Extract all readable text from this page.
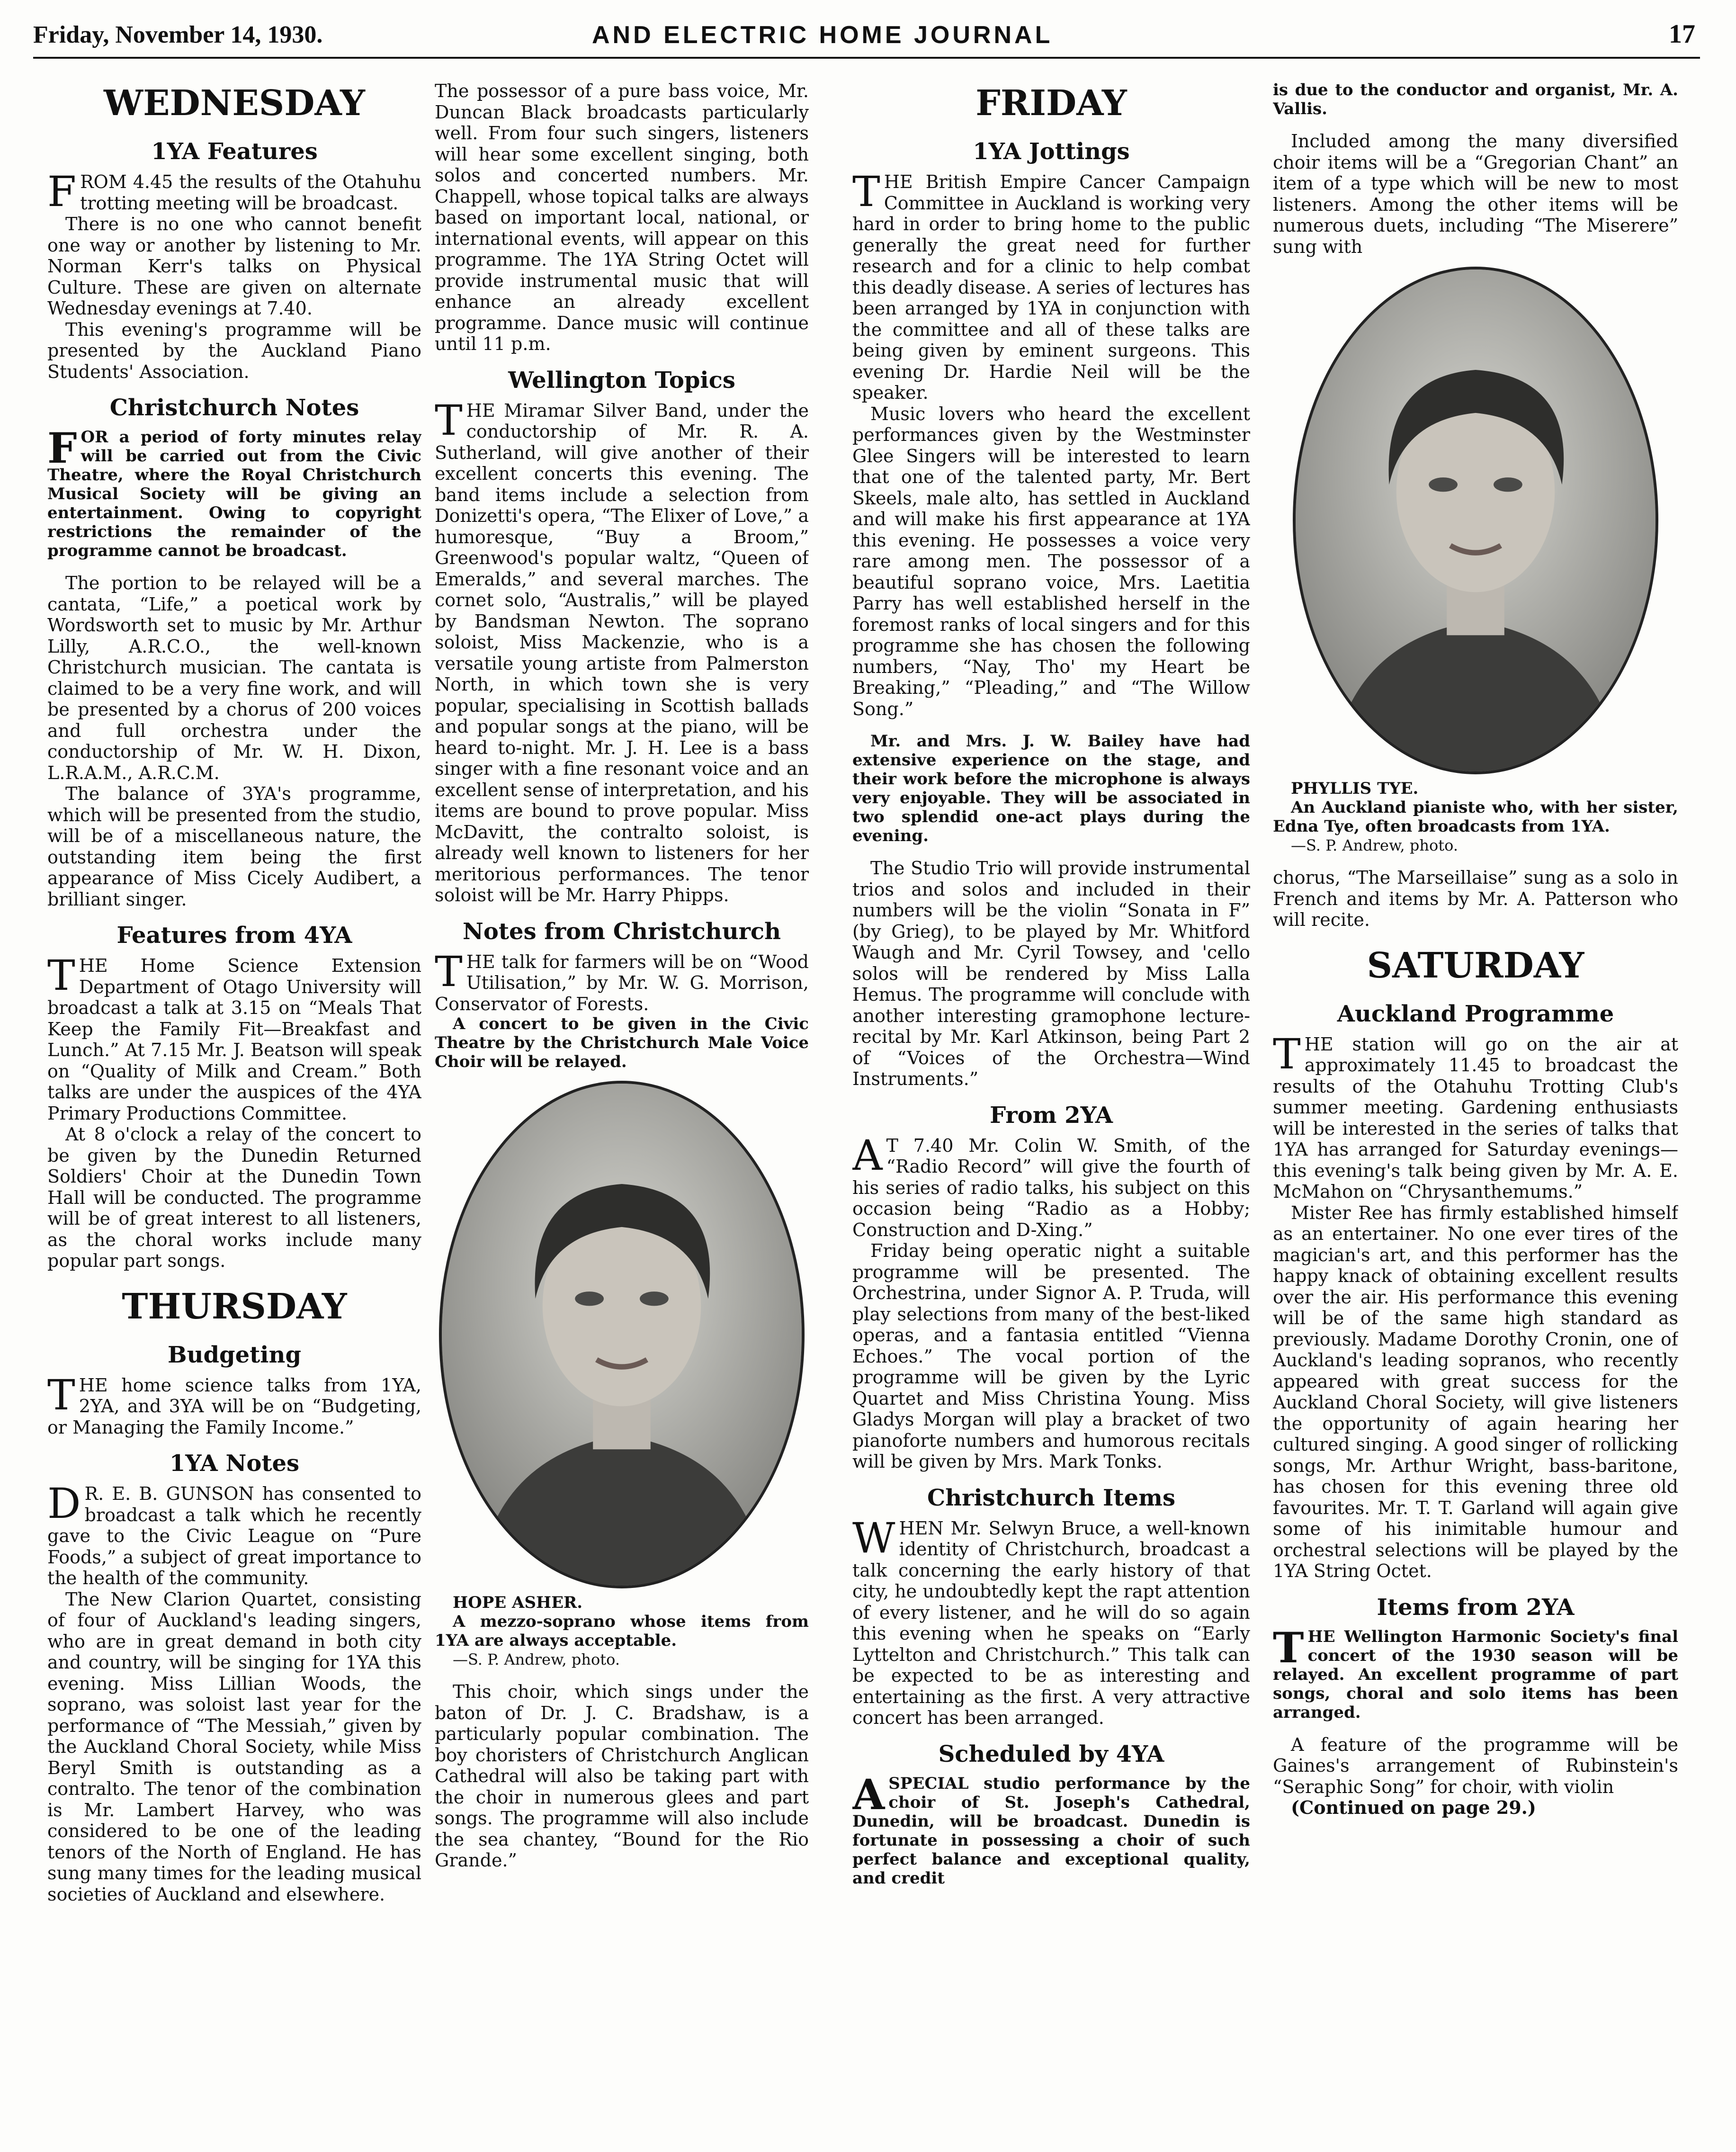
Friday, November 14, 1930.	AND ELECTRIC HOME JOURNAL	17
WEDNESDAY
1YA Features

FROM 4.45 the results of the Otahuhu trotting meeting will be broadcast.

There is no one who cannot benefit one way or another by listening to Mr. Norman Kerr's talks on Physical Culture. These are given on alternate Wednesday evenings at 7.40.

This evening's programme will be presented by the Auckland Piano Students' Association.

Christchurch Notes

FOR a period of forty minutes relay will be carried out from the Civic Theatre, where the Royal Christchurch Musical Society will be giving an entertainment. Owing to copyright restrictions the remainder of the programme cannot be broadcast.

The portion to be relayed will be a cantata, “Life,” a poetical work by Wordsworth set to music by Mr. Arthur Lilly, A.R.C.O., the well-known Christchurch musician. The cantata is claimed to be a very fine work, and will be presented by a chorus of 200 voices and full orchestra under the conductorship of Mr. W. H. Dixon, L.R.A.M., A.R.C.M.

The balance of 3YA's programme, which will be presented from the studio, will be of a miscellaneous nature, the outstanding item being the first appearance of Miss Cicely Audibert, a brilliant singer.

Features from 4YA

THE Home Science Extension Department of Otago University will broadcast a talk at 3.15 on “Meals That Keep the Family Fit—Breakfast and Lunch.” At 7.15 Mr. J. Beatson will speak on “Quality of Milk and Cream.” Both talks are under the auspices of the 4YA Primary Productions Committee.

At 8 o'clock a relay of the concert to be given by the Dunedin Returned Soldiers' Choir at the Dunedin Town Hall will be conducted. The programme will be of great interest to all listeners, as the choral works include many popular part songs.

THURSDAY
Budgeting

THE home science talks from 1YA, 2YA, and 3YA will be on “Budgeting, or Managing the Family Income.”

1YA Notes

D R. E. B. GUNSON has consented to broadcast a talk which he recently gave to the Civic League on “Pure Foods,” a subject of great importance to the health of the community.

The New Clarion Quartet, consisting of four of Auckland's leading singers, who are in great demand in both city and country, will be singing for 1YA this evening. Miss Lillian Woods, the soprano, was soloist last year for the performance of “The Messiah,” given by the Auckland Choral Society, while Miss Beryl Smith is outstanding as a contralto. The tenor of the combination is Mr. Lambert Harvey, who was considered to be one of the leading tenors of the North of England. He has sung many times for the leading musical societies of Auckland and elsewhere.

The possessor of a pure bass voice, Mr. Duncan Black broadcasts particularly well. From four such singers, listeners will hear some excellent singing, both solos and concerted numbers. Mr. Chappell, whose topical talks are always based on important local, national, or international events, will appear on this programme. The 1YA String Octet will provide instrumental music that will enhance an already excellent programme. Dance music will continue until 11 p.m.

Wellington Topics

THE Miramar Silver Band, under the conductorship of Mr. R. A. Sutherland, will give another of their excellent concerts this evening. The band items include a selection from Donizetti's opera, “The Elixer of Love,” a humoresque, “Buy a Broom,” Greenwood's popular waltz, “Queen of Emeralds,” and several marches. The cornet solo, “Australis,” will be played by Bandsman Newton. The soprano soloist, Miss Mackenzie, who is a versatile young artiste from Palmerston North, in which town she is very popular, specialising in Scottish ballads and popular songs at the piano, will be heard to-night. Mr. J. H. Lee is a bass singer with a fine resonant voice and an excellent sense of interpretation, and his items are bound to prove popular. Miss McDavitt, the contralto soloist, is already well known to listeners for her meritorious performances. The tenor soloist will be Mr. Harry Phipps.

Notes from Christchurch

THE talk for farmers will be on “Wood Utilisation,” by Mr. W. G. Morrison, Conservator of Forests.

A concert to be given in the Civic Theatre by the Christchurch Male Voice Choir will be relayed.

HOPE ASHER.

A mezzo-soprano whose items from 1YA are always acceptable.

—S. P. Andrew, photo.

This choir, which sings under the baton of Dr. J. C. Bradshaw, is a particularly popular combination. The boy choristers of Christchurch Anglican Cathedral will also be taking part with the choir in numerous glees and part songs. The programme will also include the sea chantey, “Bound for the Rio Grande.”

FRIDAY
1YA Jottings

THE British Empire Cancer Campaign Committee in Auckland is working very hard in order to bring home to the public generally the great need for further research and for a clinic to help combat this deadly disease. A series of lectures has been arranged by 1YA in conjunction with the committee and all of these talks are being given by eminent surgeons. This evening Dr. Hardie Neil will be the speaker.

Music lovers who heard the excellent performances given by the Westminster Glee Singers will be interested to learn that one of the talented party, Mr. Bert Skeels, male alto, has settled in Auckland and will make his first appearance at 1YA this evening. He possesses a voice very rare among men. The possessor of a beautiful soprano voice, Mrs. Laetitia Parry has well established herself in the foremost ranks of local singers and for this programme she has chosen the following numbers, “Nay, Tho' my Heart be Breaking,” “Pleading,” and “The Willow Song.”

Mr. and Mrs. J. W. Bailey have had extensive experience on the stage, and their work before the microphone is always very enjoyable. They will be associated in two splendid one-act plays during the evening.

The Studio Trio will provide instrumental trios and solos and included in their numbers will be the violin “Sonata in F” (by Grieg), to be played by Mr. Whitford Waugh and Mr. Cyril Towsey, and 'cello solos will be rendered by Miss Lalla Hemus. The programme will conclude with another interesting gramophone lecture-recital by Mr. Karl Atkinson, being Part 2 of “Voices of the Orchestra—Wind Instruments.”

From 2YA

A T 7.40 Mr. Colin W. Smith, of the “Radio Record” will give the fourth of his series of radio talks, his subject on this occasion being “Radio as a Hobby; Construction and D-Xing.”

Friday being operatic night a suitable programme will be presented. The Orchestrina, under Signor A. P. Truda, will play selections from many of the best-liked operas, and a fantasia entitled “Vienna Echoes.” The vocal portion of the programme will be given by the Lyric Quartet and Miss Christina Young. Miss Gladys Morgan will play a bracket of two pianoforte numbers and humorous recitals will be given by Mrs. Mark Tonks.

Christchurch Items

WHEN Mr. Selwyn Bruce, a well-known identity of Christchurch, broadcast a talk concerning the early history of that city, he undoubtedly kept the rapt attention of every listener, and he will do so again this evening when he speaks on “Early Lyttelton and Christchurch.” This talk can be expected to be as interesting and entertaining as the first. A very attractive concert has been arranged.

Scheduled by 4YA

A SPECIAL studio performance by the choir of St. Joseph's Cathedral, Dunedin, will be broadcast. Dunedin is fortunate in possessing a choir of such perfect balance and exceptional quality, and credit

is due to the conductor and organist, Mr. A. Vallis.

Included among the many diversified choir items will be a “Gregorian Chant” an item of a type which will be new to most listeners. Among the other items will be numerous duets, including “The Miserere” sung with

PHYLLIS TYE.

An Auckland pianiste who, with her sister, Edna Tye, often broadcasts from 1YA.

—S. P. Andrew, photo.

chorus, “The Marseillaise” sung as a solo in French and items by Mr. A. Patterson who will recite.

SATURDAY
Auckland Programme

THE station will go on the air at approximately 11.45 to broadcast the results of the Otahuhu Trotting Club's summer meeting. Gardening enthusiasts will be interested in the series of talks that 1YA has arranged for Saturday evenings—this evening's talk being given by Mr. A. E. McMahon on “Chrysanthemums.”

Mister Ree has firmly established himself as an entertainer. No one ever tires of the magician's art, and this performer has the happy knack of obtaining excellent results over the air. His performance this evening will be of the same high standard as previously. Madame Dorothy Cronin, one of Auckland's leading sopranos, who recently appeared with great success for the Auckland Choral Society, will give listeners the opportunity of again hearing her cultured singing. A good singer of rollicking songs, Mr. Arthur Wright, bass-baritone, has chosen for this evening three old favourites. Mr. T. T. Garland will again give some of his inimitable humour and orchestral selections will be played by the 1YA String Octet.

Items from 2YA

THE Wellington Harmonic Society's final concert of the 1930 season will be relayed. An excellent programme of part songs, choral and solo items has been arranged.

A feature of the programme will be Gaines's arrangement of Rubinstein's “Seraphic Song” for choir, with violin

(Continued on page 29.)
